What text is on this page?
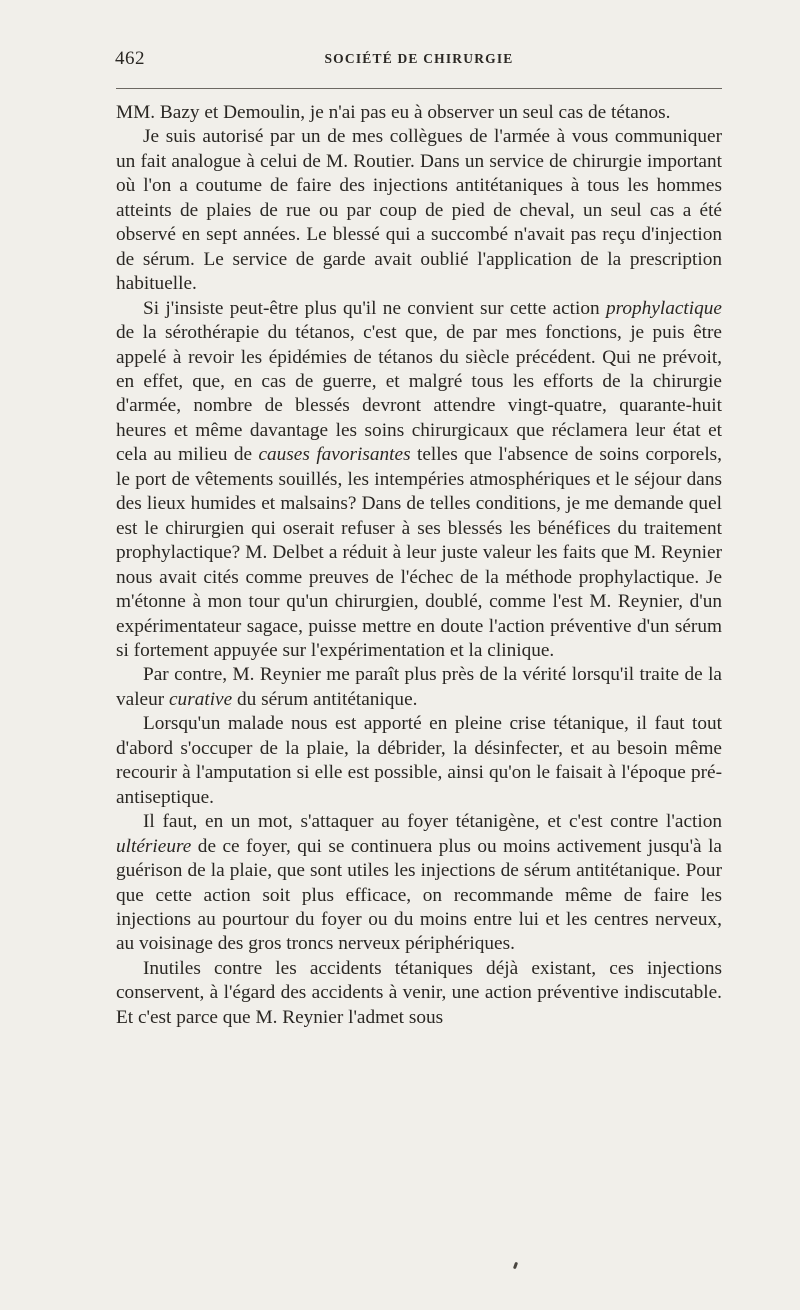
462	SOCIÉTÉ DE CHIRURGIE

MM. Bazy et Demoulin, je n'ai pas eu à observer un seul cas de tétanos.

Je suis autorisé par un de mes collègues de l'armée à vous communiquer un fait analogue à celui de M. Routier. Dans un service de chirurgie important où l'on a coutume de faire des injections antitétaniques à tous les hommes atteints de plaies de rue ou par coup de pied de cheval, un seul cas a été observé en sept années. Le blessé qui a succombé n'avait pas reçu d'injection de sérum. Le service de garde avait oublié l'application de la prescription habituelle.

Si j'insiste peut-être plus qu'il ne convient sur cette action prophylactique de la sérothérapie du tétanos, c'est que, de par mes fonctions, je puis être appelé à revoir les épidémies de tétanos du siècle précédent. Qui ne prévoit, en effet, que, en cas de guerre, et malgré tous les efforts de la chirurgie d'armée, nombre de blessés devront attendre vingt-quatre, quarante-huit heures et même davantage les soins chirurgicaux que réclamera leur état et cela au milieu de causes favorisantes telles que l'absence de soins corporels, le port de vêtements souillés, les intempéries atmosphériques et le séjour dans des lieux humides et malsains? Dans de telles conditions, je me demande quel est le chirurgien qui oserait refuser à ses blessés les bénéfices du traitement prophylactique? M. Delbet a réduit à leur juste valeur les faits que M. Reynier nous avait cités comme preuves de l'échec de la méthode prophylactique. Je m'étonne à mon tour qu'un chirurgien, doublé, comme l'est M. Reynier, d'un expérimentateur sagace, puisse mettre en doute l'action préventive d'un sérum si fortement appuyée sur l'expérimentation et la clinique.

Par contre, M. Reynier me paraît plus près de la vérité lorsqu'il traite de la valeur curative du sérum antitétanique.

Lorsqu'un malade nous est apporté en pleine crise tétanique, il faut tout d'abord s'occuper de la plaie, la débrider, la désinfecter, et au besoin même recourir à l'amputation si elle est possible, ainsi qu'on le faisait à l'époque pré-antiseptique.

Il faut, en un mot, s'attaquer au foyer tétanigène, et c'est contre l'action ultérieure de ce foyer, qui se continuera plus ou moins activement jusqu'à la guérison de la plaie, que sont utiles les injections de sérum antitétanique. Pour que cette action soit plus efficace, on recommande même de faire les injections au pourtour du foyer ou du moins entre lui et les centres nerveux, au voisinage des gros troncs nerveux périphériques.

Inutiles contre les accidents tétaniques déjà existant, ces injections conservent, à l'égard des accidents à venir, une action préventive indiscutable. Et c'est parce que M. Reynier l'admet sous
